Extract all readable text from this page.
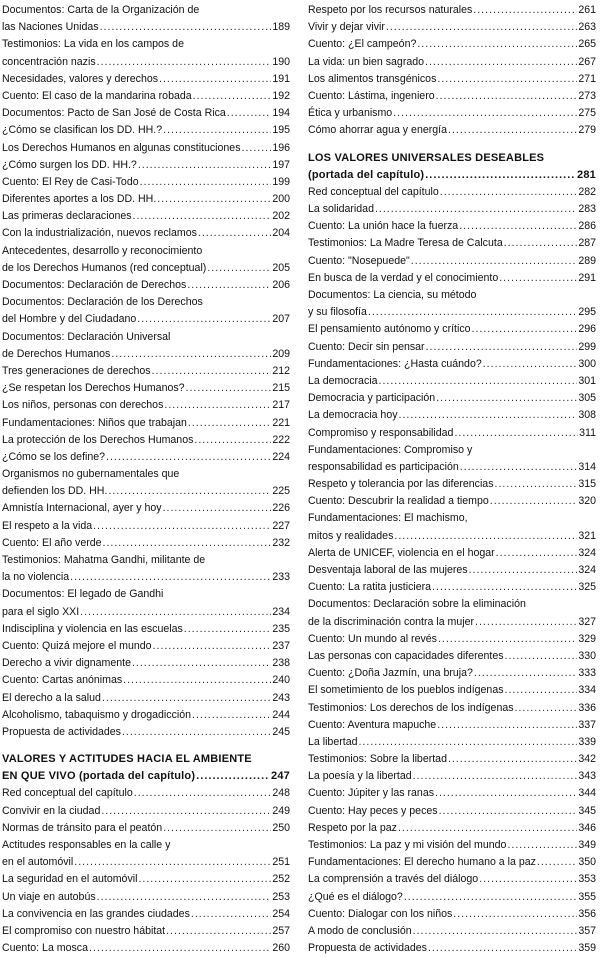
Documentos: Carta de la Organización de
las Naciones Unidas .....	189
Testimonios: La vida en los campos de
concentración nazis .....	190
Necesidades, valores y derechos .....	191
Cuento: El caso de la mandarina robada .....	192
Documentos: Pacto de San José de Costa Rica .....	194
¿Cómo se clasifican los DD. HH.? .....	195
Los Derechos Humanos en algunas constituciones .....	196
¿Cómo surgen los DD. HH.? .....	197
Cuento: El Rey de Casi-Todo .....	199
Diferentes aportes a los DD. HH. .....	200
Las primeras declaraciones .....	202
Con la industrialización, nuevos reclamos .....	204
Antecedentes, desarrollo y reconocimiento
de los Derechos Humanos (red conceptual) .....	205
Documentos: Declaración de Derechos .....	206
Documentos: Declaración de los Derechos
del Hombre y del Ciudadano .....	207
Documentos: Declaración Universal
de Derechos Humanos .....	209
Tres generaciones de derechos .....	212
¿Se respetan los Derechos Humanos? .....	215
Los niños, personas con derechos .....	217
Fundamentaciones: Niños que trabajan .....	221
La protección de los Derechos Humanos .....	222
¿Cómo se los define? .....	224
Organismos no gubernamentales que
defienden los DD. HH. .....	225
Amnistía Internacional, ayer y hoy .....	226
El respeto a la vida .....	227
Cuento: El año verde .....	232
Testimonios: Mahatma Gandhi, militante de
la no violencia .....	233
Documentos: El legado de Gandhi
para el siglo XXI .....	234
Indisciplina y violencia en las escuelas .....	235
Cuento: Quizá mejore el mundo .....	237
Derecho a vivir dignamente .....	238
Cuento: Cartas anónimas .....	240
El derecho a la salud .....	243
Alcoholismo, tabaquismo y drogadicción .....	244
Propuesta de actividades .....	245
VALORES Y ACTITUDES HACIA EL AMBIENTE
EN QUE VIVO (portada del capítulo) .....	247
Red conceptual del capítulo .....	248
Convivir en la ciudad .....	249
Normas de tránsito para el peatón .....	250
Actitudes responsables en la calle y
en el automóvil .....	251
La seguridad en el automóvil .....	252
Un viaje en autobús .....	253
La convivencia en las grandes ciudades .....	254
El compromiso con nuestro hábitat .....	257
Cuento: La mosca .....	260
Respeto por los recursos naturales .....	261
Vivir y dejar vivir .....	263
Cuento: ¿El campeón? .....	265
La vida: un bien sagrado .....	267
Los alimentos transgénicos .....	271
Cuento: Lástima, ingeniero .....	273
Ética y urbanismo .....	275
Cómo ahorrar agua y energía .....	279
LOS VALORES UNIVERSALES DESEABLES
(portada del capítulo) .....	281
Red conceptual del capítulo .....	282
La solidaridad .....	283
Cuento: La unión hace la fuerza .....	286
Testimonios: La Madre Teresa de Calcuta .....	287
Cuento: "Nosepuede" .....	289
En busca de la verdad y el conocimiento .....	291
Documentos: La ciencia, su método
y su filosofía .....	295
El pensamiento autónomo y crítico .....	296
Cuento: Decir sin pensar .....	299
Fundamentaciones: ¿Hasta cuándo? .....	300
La democracia .....	301
Democracia y participación .....	305
La democracia hoy .....	308
Compromiso y responsabilidad .....	311
Fundamentaciones: Compromiso y
responsabilidad es participación .....	314
Respeto y tolerancia por las diferencias .....	315
Cuento: Descubrir la realidad a tiempo .....	320
Fundamentaciones: El machismo,
mitos y realidades .....	321
Alerta de UNICEF, violencia en el hogar .....	324
Desventaja laboral de las mujeres .....	324
Cuento: La ratita justiciera .....	325
Documentos: Declaración sobre la eliminación
de la discriminación contra la mujer .....	327
Cuento: Un mundo al revés .....	329
Las personas con capacidades diferentes .....	330
Cuento: ¿Doña Jazmín, una bruja? .....	333
El sometimiento de los pueblos indígenas .....	334
Testimonios: Los derechos de los indígenas .....	336
Cuento: Aventura mapuche .....	337
La libertad .....	339
Testimonios: Sobre la libertad .....	342
La poesía y la libertad .....	343
Cuento: Júpiter y las ranas .....	344
Cuento: Hay peces y peces .....	345
Respeto por la paz .....	346
Testimonios: La paz y mi visión del mundo .....	349
Fundamentaciones: El derecho humano a la paz .....	350
La comprensión a través del diálogo .....	353
¿Qué es el diálogo? .....	355
Cuento: Dialogar con los niños .....	356
A modo de conclusión .....	357
Propuesta de actividades .....	359
